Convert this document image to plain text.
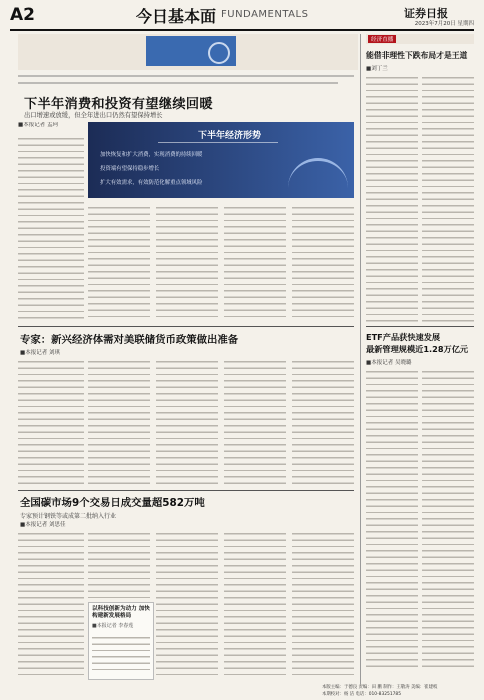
A2	今日基本面 FUNDAMENTALS	证券日报
2023年7月20日 星期四
下半年消费和投资有望继续回暖
出口增速或放缓，但全年进出口仍然有望保持增长
■本报记者 孟珂
下半年经济形势
加快恢复和扩大消费，实现消费的持续回暖
投资端有望保持稳步增长
扩大有效需求，有效防范化解重点领域风险
专家：新兴经济体需对美联储货币政策做出准备
■本报记者 刘琪
全国碳市场9个交易日成交量超582万吨
专家预计钢铁等或成第二批纳入行业
■本报记者 刘思佳
以科技创新为动力 加快构建新发展格局
■本报记者 李春莲
经济直播
能借非理性下跌布局才是王道
■刘丁兰
ETF产品获快速发展
最新管理规模近1.28万亿元
■本报记者 吴晓璐
本版主编：于德良 责编：田 鹏 制作：王敬涛 美编：崔建岐
本期校对：杨 洁 电话：010-83251785
